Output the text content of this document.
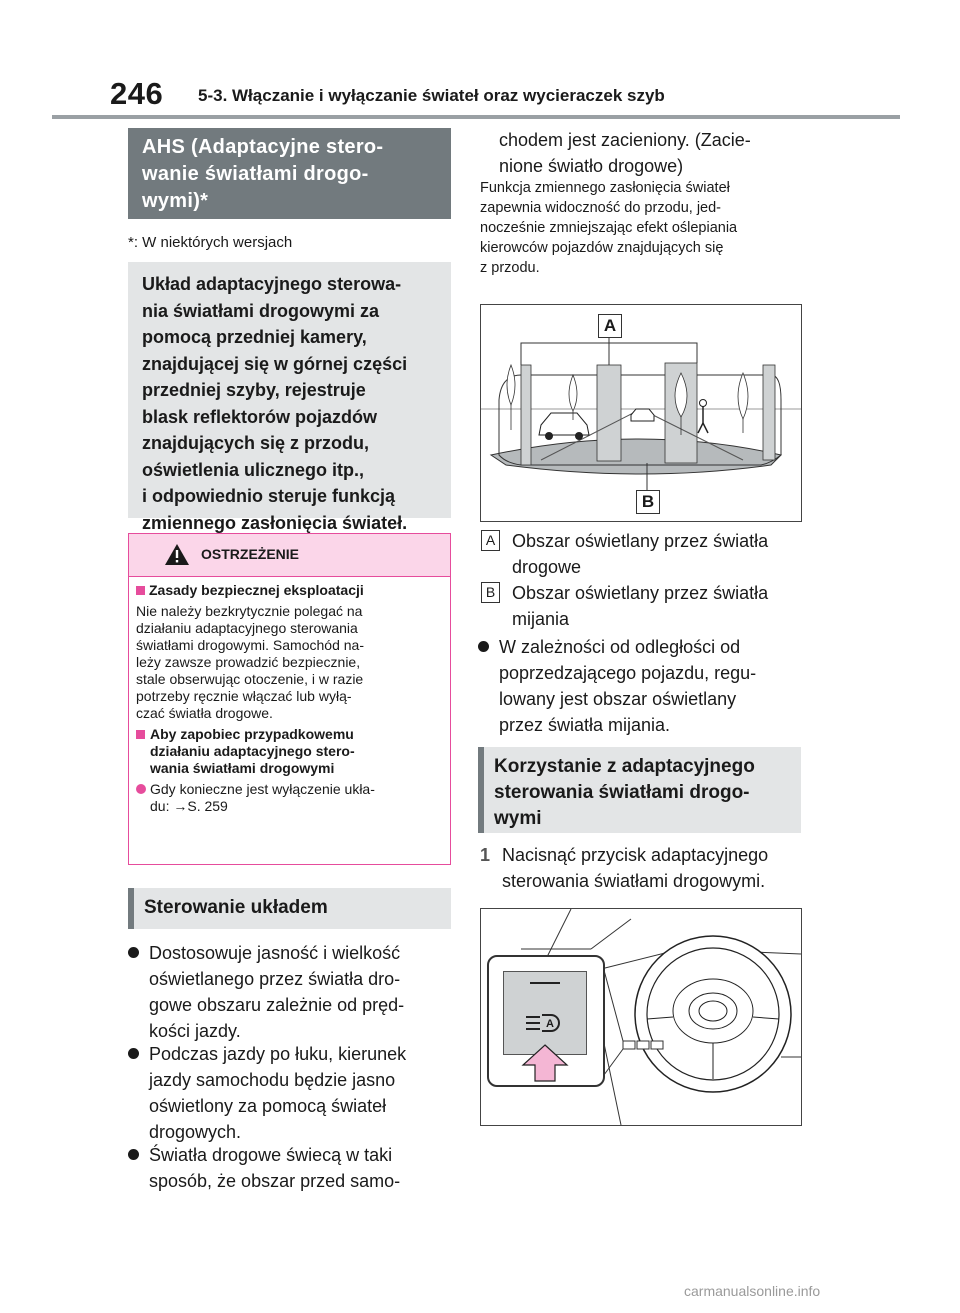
246 5-3. Włączanie i wyłączanie świateł oraz wycieraczek szyb
AHS (Adaptacyjne stero-
wanie światłami drogo-
wymi)*
*: W niektórych wersjach
Układ adaptacyjnego sterowa-
nia światłami drogowymi za
pomocą przedniej kamery,
znajdującej się w górnej części
przedniej szyby, rejestruje
blask reflektorów pojazdów
znajdujących się z przodu,
oświetlenia ulicznego itp.,
i odpowiednio steruje funkcją
zmiennego zasłonięcia świateł.
OSTRZEŻENIE

Zasady bezpiecznej eksploatacji

Nie należy bezkrytycznie polegać na
działaniu adaptacyjnego sterowania
światłami drogowymi. Samochód na-
leży zawsze prowadzić bezpiecznie,
stale obserwując otoczenie, i w razie
potrzeby ręcznie włączać lub wyłą-
czać światła drogowe.

Aby zapobiec przypadkowemu
działaniu adaptacyjnego stero-
wania światłami drogowymi

Gdy konieczne jest wyłączenie ukła-
du: →S. 259

Sterowanie układem
Dostosowuje jasność i wielkość
oświetlanego przez światła dro-
gowe obszaru zależnie od pręd-
kości jazdy.
Podczas jazdy po łuku, kierunek
jazdy samochodu będzie jasno
oświetlony za pomocą świateł
drogowych.
Światła drogowe świecą w taki
sposób, że obszar przed samo-
chodem jest zacieniony. (Zacie-
nione światło drogowe)
Funkcja zmiennego zasłonięcia świateł
zapewnia widoczność do przodu, jed-
nocześnie zmniejszając efekt oślepiania
kierowców pojazdów znajdujących się
z przodu.
A
B
A Obszar oświetlany przez światła
drogowe
B Obszar oświetlany przez światła
mijania
W zależności od odległości od
poprzedzającego pojazdu, regu-
lowany jest obszar oświetlany
przez światła mijania.
Korzystanie z adaptacyjnego
sterowania światłami drogo-
wymi
1 Nacisnąć przycisk adaptacyjnego
sterowania światłami drogowymi.
A
carmanualsonline.info
